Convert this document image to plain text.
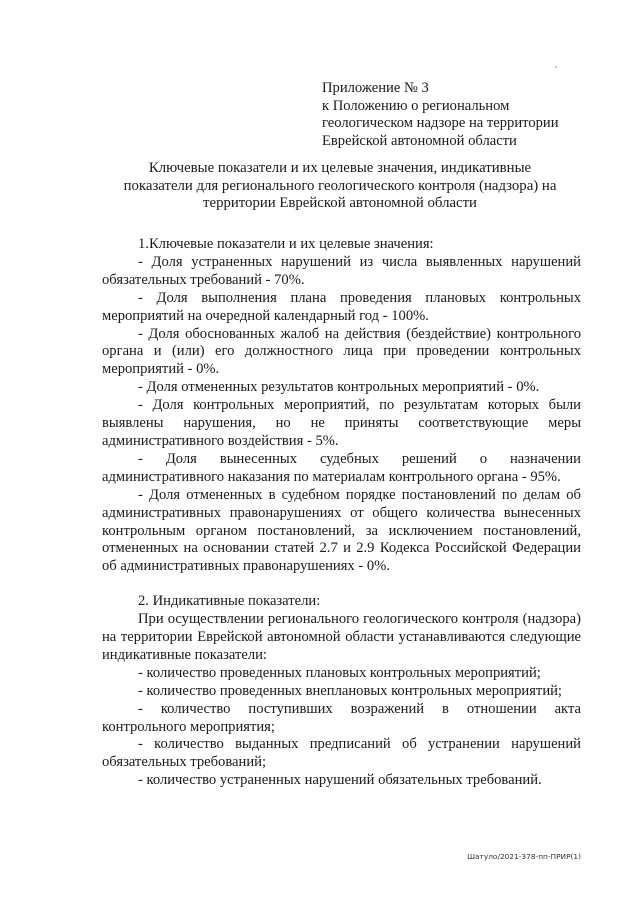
Приложение № 3
к Положению о региональном
геологическом надзоре на территории
Еврейской автономной области
Ключевые показатели и их целевые значения, индикативные
показатели для регионального геологического контроля (надзора) на
территории Еврейской автономной области

1.Ключевые показатели и их целевые значения:

- Доля устраненных нарушений из числа выявленных нарушений обязательных требований - 70%.

- Доля выполнения плана проведения плановых контрольных мероприятий на очередной календарный год - 100%.

- Доля обоснованных жалоб на действия (бездействие) контрольного органа и (или) его должностного лица при проведении контрольных мероприятий - 0%.

- Доля отмененных результатов контрольных мероприятий - 0%.

- Доля контрольных мероприятий, по результатам которых были выявлены нарушения, но не приняты соответствующие меры административного воздействия - 5%.

- Доля вынесенных судебных решений о назначении административного наказания по материалам контрольного органа - 95%.

- Доля отмененных в судебном порядке постановлений по делам об административных правонарушениях от общего количества вынесенных контрольным органом постановлений, за исключением постановлений, отмененных на основании статей 2.7 и 2.9 Кодекса Российской Федерации об административных правонарушениях - 0%.

2. Индикативные показатели:

При осуществлении регионального геологического контроля (надзора) на территории Еврейской автономной области устанавливаются следующие индикативные показатели:

- количество проведенных плановых контрольных мероприятий;

- количество проведенных внеплановых контрольных мероприятий;

- количество поступивших возражений в отношении акта контрольного мероприятия;

- количество выданных предписаний об устранении нарушений обязательных требований;

- количество устраненных нарушений обязательных требований.

Шатуло/2021-378-пп-ПРИР(1)
